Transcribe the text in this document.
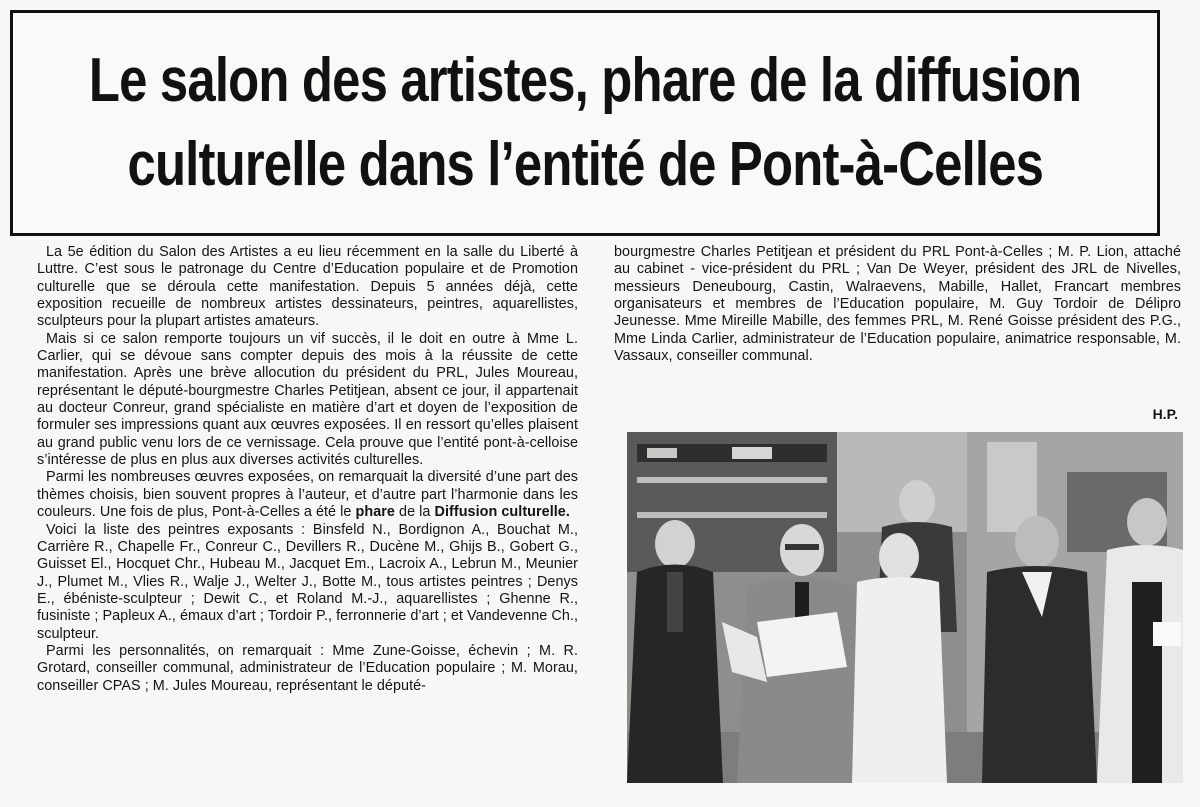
Le salon des artistes, phare de la diffusion
culturelle dans l’entité de Pont-à-Celles

La 5e édition du Salon des Artistes a eu lieu récemment en la salle du Liberté à Luttre. C’est sous le patronage du Centre d’Education populaire et de Promotion culturelle que se déroula cette manifestation. Depuis 5 années déjà, cette exposition recueille de nombreux artistes dessinateurs, peintres, aquarellistes, sculpteurs pour la plupart artistes amateurs.

Mais si ce salon remporte toujours un vif succès, il le doit en outre à Mme L. Carlier, qui se dévoue sans compter depuis des mois à la réussite de cette manifestation. Après une brève allocution du président du PRL, Jules Moureau, représentant le député-bourgmestre Charles Petitjean, absent ce jour, il appartenait au docteur Conreur, grand spécialiste en matière d’art et doyen de l’exposition de formuler ses impressions quant aux œuvres exposées. Il en ressort qu’elles plaisent au grand public venu lors de ce vernissage. Cela prouve que l’entité pont-à-celloise s’intéresse de plus en plus aux diverses activités culturelles.

Parmi les nombreuses œuvres exposées, on remarquait la diversité d’une part des thèmes choisis, bien souvent propres à l’auteur, et d’autre part l’harmonie dans les couleurs. Une fois de plus, Pont-à-Celles a été le phare de la Diffusion culturelle.

Voici la liste des peintres exposants : Binsfeld N., Bordignon A., Bouchat M., Carrière R., Chapelle Fr., Conreur C., Devillers R., Ducène M., Ghijs B., Gobert G., Guisset El., Hocquet Chr., Hubeau M., Jacquet Em., Lacroix A., Lebrun M., Meunier J., Plumet M., Vlies R., Walje J., Welter J., Botte M., tous artistes peintres ; Denys E., ébéniste-sculpteur ; Dewit C., et Roland M.-J., aquarellistes ; Ghenne R., fusiniste ; Papleux A., émaux d’art ; Tordoir P., ferronnerie d’art ; et Vandevenne Ch., sculpteur.

Parmi les personnalités, on remarquait : Mme Zune-Goisse, échevin ; M. R. Grotard, conseiller communal, administrateur de l’Education populaire ; M. Morau, conseiller CPAS ; M. Jules Moureau, représentant le député-

bourgmestre Charles Petitjean et président du PRL Pont-à-Celles ; M. P. Lion, attaché au cabinet - vice-président du PRL ; Van De Weyer, président des JRL de Nivelles, messieurs Deneubourg, Castin, Walraevens, Mabille, Hallet, Francart membres organisateurs et membres de l’Education populaire, M. Guy Tordoir de Délipro Jeunesse. Mme Mireille Mabille, des femmes PRL, M. René Goisse président des P.G., Mme Linda Carlier, administrateur de l’Education populaire, animatrice responsable, M. Vassaux, conseiller communal.

H.P.
